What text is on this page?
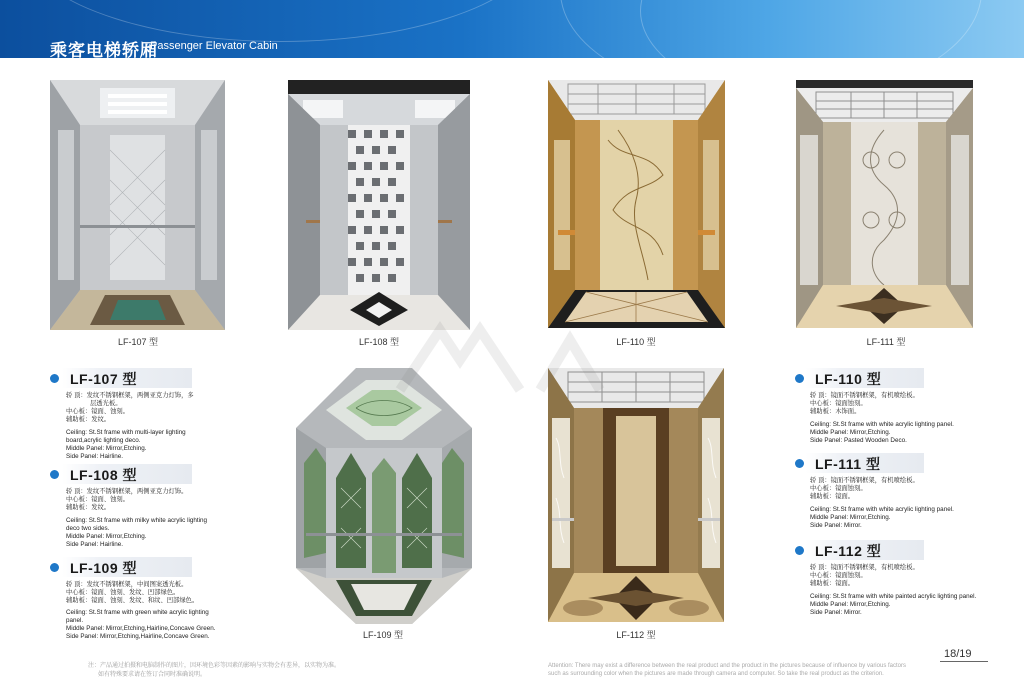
乘客电梯轿厢
Passenger Elevator Cabin
LF-107 型	LF-108 型	LF-110 型	LF-111 型
LF-109 型	LF-112 型
LF-107 型
轿 顶：发纹不锈钢框架，两侧亚克力灯饰，多
层透光板。
中心板：镜面、蚀刻。
辅助板：发纹。
Ceiling: St.St frame with multi-layer lighting
board,acrylic lighting deco.
Middle Panel: Mirror,Etching.
Side Panel: Hairline.
LF-108 型
轿 顶：发纹不锈钢框架，两侧亚克力灯饰。
中心板：镜面、蚀刻。
辅助板：发纹。
Ceiling: St.St frame with milky white acrylic lighting
deco two sides.
Middle Panel: Mirror,Etching.
Side Panel: Hairline.
LF-109 型
轿 顶：发纹不锈钢框架，中间图案透光板。
中心板：镜面、蚀刻、发纹、凹部绿色。
辅助板：镜面、蚀刻、发纹、和纹、凹部绿色。
Ceiling: St.St frame with green white acrylic lighting
panel.
Middle Panel: Mirror,Etching,Hairline,Concave Green.
Side Panel: Mirror,Etching,Hairline,Concave Green.
LF-110 型
轿 顶：镜面不锈钢框架，有机喷绘板。
中心板：镜面蚀刻。
辅助板：木饰面。
Ceiling: St.St frame with white acrylic lighting panel.
Middle Panel: Mirror,Etching.
Side Panel: Pasted Wooden Deco.
LF-111 型
轿 顶：镜面不锈钢框架，有机喷绘板。
中心板：镜面蚀刻。
辅助板：镜面。
Ceiling: St.St frame with white acrylic lighting panel.
Middle Panel: Mirror,Etching.
Side Panel: Mirror.
LF-112 型
轿 顶：镜面不锈钢框架，有机喷绘板。
中心板：镜面蚀刻。
辅助板：镜面。
Ceiling: St.St frame with white painted acrylic lighting panel.
Middle Panel: Mirror,Etching.
Side Panel: Mirror.
注：产品通过拍摄和电脑制作的图片，因环境色彩等因素的影响与实物会有差异，以实物为准。
如有特殊要求请在签订合同时准确说明。
Attention: There may exist a difference between the real product and the product in the pictures because of influence by various factors
such as surrounding color when the pictures are made through camera and computer. So take the real product as the criterion.
18/19
